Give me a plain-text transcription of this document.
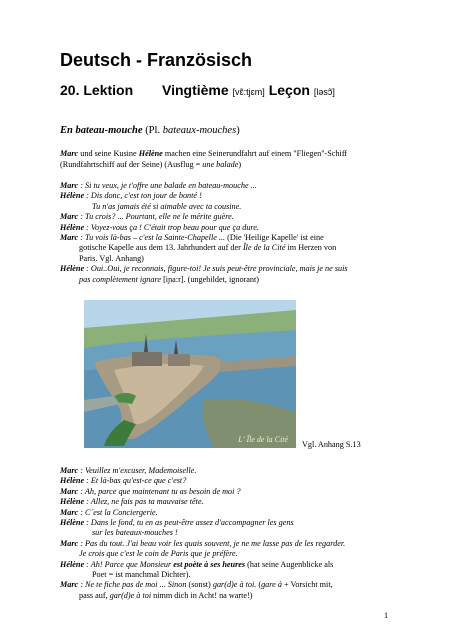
Deutsch - Französisch
20. Lektion Vingtième [vɛ̃:tjɛm] Leçon [ləsɔ̃]
En bateau-mouche (Pl. bateaux-mouches)
Marc und seine Kusine Hélène machen eine Seinerundfahrt auf einem "Fliegen"-Schiff
(Rundfahrtschiff auf der Seine) (Ausflug = une balade)
Marc : Si tu veux, je t'offre une balade en bateau-mouche ...
Hélène : Dis donc, c'est ton jour de bonté !
Tu n'as jamais été si aimable avec ta cousine.
Marc : Tu crois? ... Pourtant, elle ne le mérite guère.
Hélène : Voyez-vous ça ! C'était trop beau pour que ça dure.
Marc : Tu vois là-bas – c'est la Sainte-Chapelle ... (Die 'Heilige Kapelle' ist eine
gotische Kapelle aus dem 13. Jahrhundert auf der Île de la Cité im Herzen von
Paris. Vgl. Anhang)
Hélène : Oui..Oui, je reconnais, figure-toi! Je suis peut-être provinciale, mais je ne suis
pas complètement ignare [iɲa:r]. (ungebildet, ignorant)
L' Île de la Cité
Vgl. Anhang S.13
Marc : Veuillez m'excuser, Mademoiselle.
Hélène : Et là-bas qu'est-ce que c'est?
Marc : Ah, parce que maintenant tu as besoin de moi ?
Hélène : Allez, ne fais pas ta mauvaise tête.
Marc : C´est la Conciergerie.
Hélène : Dans le fond, tu en as peut-être assez d'accompagner les gens
sur les bateaux-mouches !
Marc : Pas du tout. J'ai beau voir les quais souvent, je ne me lasse pas de les regarder.
Je crois que c'est le coin de Paris que je préfère.
Hélène : Ah! Parce que Monsieur est poète à ses heures (hat seine Augenblicke als
Poet = ist manchmal Dichter).
Marc : Ne te fiche pas de moi ... Sinon (sonst) gar(d)e à toi. (gare à + Vorsicht mit,
pass auf, gar(d)e à toi nimm dich in Acht! na warte!)
1
